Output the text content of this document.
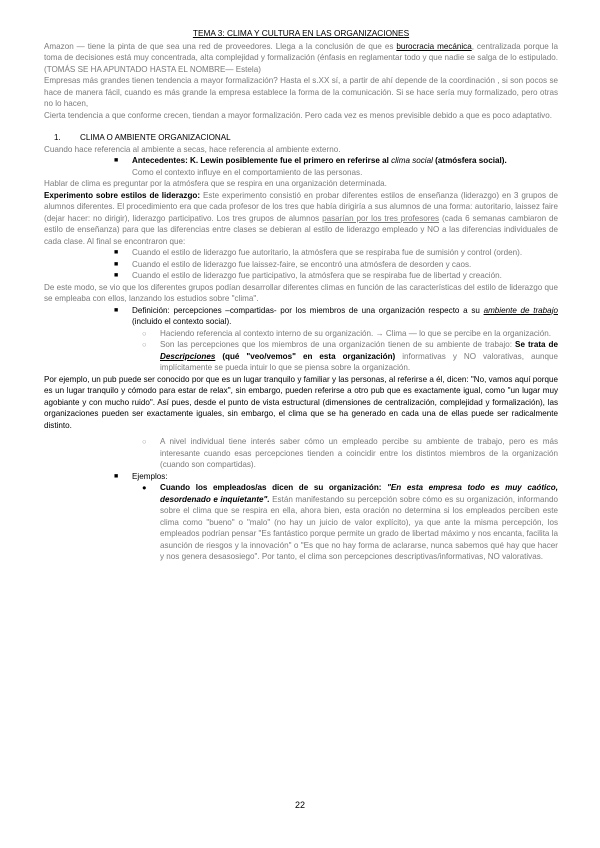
TEMA 3: CLIMA Y CULTURA EN LAS ORGANIZACIONES

Amazon — tiene la pinta de que sea una red de proveedores. Llega a la conclusión de que es burocracia mecánica, centralizada porque la toma de decisiones está muy concentrada, alta complejidad y formalización (énfasis en reglamentar todo y que nadie se salga de lo estipulado. (TOMÁS SE HA APUNTADO HASTA EL NOMBRE— Estela)

Empresas más grandes tienen tendencia a mayor formalización? Hasta el s.XX sí, a partir de ahí depende de la coordinación , si son pocos se hace de manera fácil, cuando es más grande la empresa establece la forma de la comunicación. Si se hace sería muy formalizado, pero otras no lo hacen,

Cierta tendencia a que conforme crecen, tiendan a mayor formalización. Pero cada vez es menos previsible debido a que es poco adaptativo.

1. CLIMA O AMBIENTE ORGANIZACIONAL

Cuando hace referencia al ambiente a secas, hace referencia al ambiente externo.

■ Antecedentes: K. Lewin posiblemente fue el primero en referirse al clima social (atmósfera social).
Como el contexto influye en el comportamiento de las personas.

Hablar de clima es preguntar por la atmósfera que se respira en una organización determinada.

Experimento sobre estilos de liderazgo: Este experimento consistió en probar diferentes estilos de enseñanza (liderazgo) en 3 grupos de alumnos diferentes. El procedimiento era que cada profesor de los tres que había dirigiría a sus alumnos de una forma: autoritario, laissez faire (dejar hacer: no dirigir), liderazgo participativo. Los tres grupos de alumnos pasarían por los tres profesores (cada 6 semanas cambiaron de estilo de enseñanza) para que las diferencias entre clases se debieran al estilo de liderazgo empleado y NO a las diferencias individuales de cada clase. Al final se encontraron que:

■ Cuando el estilo de liderazgo fue autoritario, la atmósfera que se respiraba fue de sumisión y control (orden).
■ Cuando el estilo de liderazgo fue laissez-faire, se encontró una atmósfera de desorden y caos.
■ Cuando el estilo de liderazgo fue participativo, la atmósfera que se respiraba fue de libertad y creación.

De este modo, se vio que los diferentes grupos podían desarrollar diferentes climas en función de las características del estilo de liderazgo que se empleaba con ellos, lanzando los estudios sobre "clima".

■ Definición: percepciones –compartidas- por los miembros de una organización respecto a su ambiente de trabajo (incluido el contexto social).
○ Haciendo referencia al contexto interno de su organización. → Clima — lo que se percibe en la organización.
○ Son las percepciones que los miembros de una organización tienen de su ambiente de trabajo: Se trata de Descripciones (qué "veo/vemos" en esta organización) informativas y NO valorativas, aunque implícitamente se pueda intuir lo que se piensa sobre la organización.

Por ejemplo, un pub puede ser conocido por que es un lugar tranquilo y familiar y las personas, al referirse a él, dicen: "No, vamos aquí porque es un lugar tranquilo y cómodo para estar de relax", sin embargo, pueden referirse a otro pub que es exactamente igual, como "un lugar muy agobiante y con mucho ruido". Así pues, desde el punto de vista estructural (dimensiones de centralización, complejidad y formalización), las organizaciones pueden ser exactamente iguales, sin embargo, el clima que se ha generado en cada una de ellas puede ser radicalmente distinto.

○ A nivel individual tiene interés saber cómo un empleado percibe su ambiente de trabajo, pero es más interesante cuando esas percepciones tienden a coincidir entre los distintos miembros de la organización (cuando son compartidas).
■ Ejemplos:
● Cuando los empleados/as dicen de su organización: "En esta empresa todo es muy caótico, desordenado e inquietante". Están manifestando su percepción sobre cómo es su organización, informando sobre el clima que se respira en ella, ahora bien, esta oración no determina si los empleados perciben este clima como "bueno" o "malo" (no hay un juicio de valor explícito), ya que ante la misma percepción, los empleados podrían pensar "Es fantástico porque permite un grado de libertad máximo y nos encanta, facilita la asunción de riesgos y la innovación" o "Es que no hay forma de aclararse, nunca sabemos qué hay que hacer y nos genera desasosiego". Por tanto, el clima son percepciones descriptivas/informativas, NO valorativas.
22
